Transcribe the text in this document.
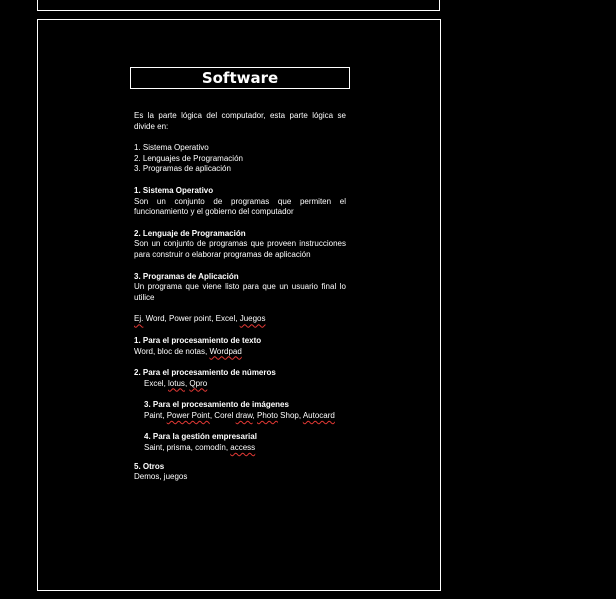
Software

Es la parte lógica del computador, esta parte lógica se divide en:

1. Sistema Operativo

2. Lenguajes de Programación

3. Programas de aplicación

1. Sistema Operativo

Son un conjunto de programas que permiten el funcionamiento y el gobierno del computador

2. Lenguaje de Programación

Son un conjunto de programas que proveen instrucciones para construir o elaborar programas de aplicación

3. Programas de Aplicación

Un programa que viene listo para que un usuario final lo utilice

Ej. Word, Power point, Excel, Juegos

1. Para el procesamiento de texto

Word, bloc de notas, Wordpad

2. Para el procesamiento de números

Excel, lotus, Qpro

3. Para el procesamiento de imágenes

Paint, Power Point, Corel draw, Photo Shop, Autocard

4. Para la gestión empresarial

Saint, prisma, comodín, access

5. Otros

Demos, juegos
